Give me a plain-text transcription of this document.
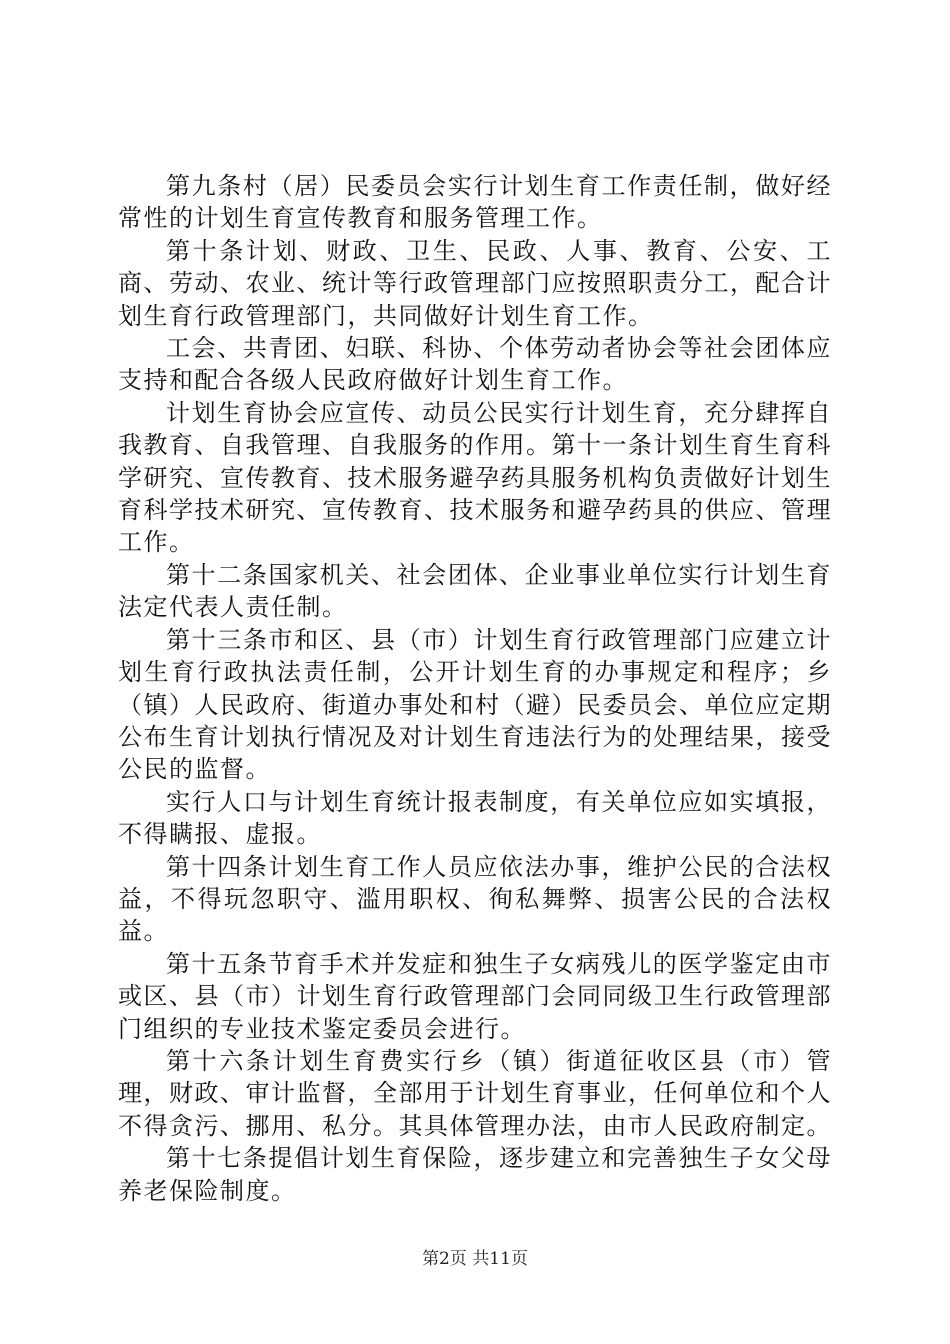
第九条村（居）民委员会实行计划生育工作责任制，做好经常性的计划生育宣传教育和服务管理工作。

第十条计划、财政、卫生、民政、人事、教育、公安、工商、劳动、农业、统计等行政管理部门应按照职责分工，配合计划生育行政管理部门，共同做好计划生育工作。

工会、共青团、妇联、科协、个体劳动者协会等社会团体应支持和配合各级人民政府做好计划生育工作。

计划生育协会应宣传、动员公民实行计划生育，充分肆挥自我教育、自我管理、自我服务的作用。第十一条计划生育生育科学研究、宣传教育、技术服务避孕药具服务机构负责做好计划生育科学技术研究、宣传教育、技术服务和避孕药具的供应、管理工作。

第十二条国家机关、社会团体、企业事业单位实行计划生育法定代表人责任制。

第十三条市和区、县（市）计划生育行政管理部门应建立计划生育行政执法责任制，公开计划生育的办事规定和程序；乡（镇）人民政府、街道办事处和村（避）民委员会、单位应定期公布生育计划执行情况及对计划生育违法行为的处理结果，接受公民的监督。

实行人口与计划生育统计报表制度，有关单位应如实填报，不得瞒报、虚报。

第十四条计划生育工作人员应依法办事，维护公民的合法权益，不得玩忽职守、滥用职权、徇私舞弊、损害公民的合法权益。

第十五条节育手术并发症和独生子女病残儿的医学鉴定由市或区、县（市）计划生育行政管理部门会同同级卫生行政管理部门组织的专业技术鉴定委员会进行。

第十六条计划生育费实行乡（镇）街道征收区县（市）管理，财政、审计监督，全部用于计划生育事业，任何单位和个人不得贪污、挪用、私分。其具体管理办法，由市人民政府制定。

第十七条提倡计划生育保险，逐步建立和完善独生子女父母养老保险制度。

第2页 共11页
